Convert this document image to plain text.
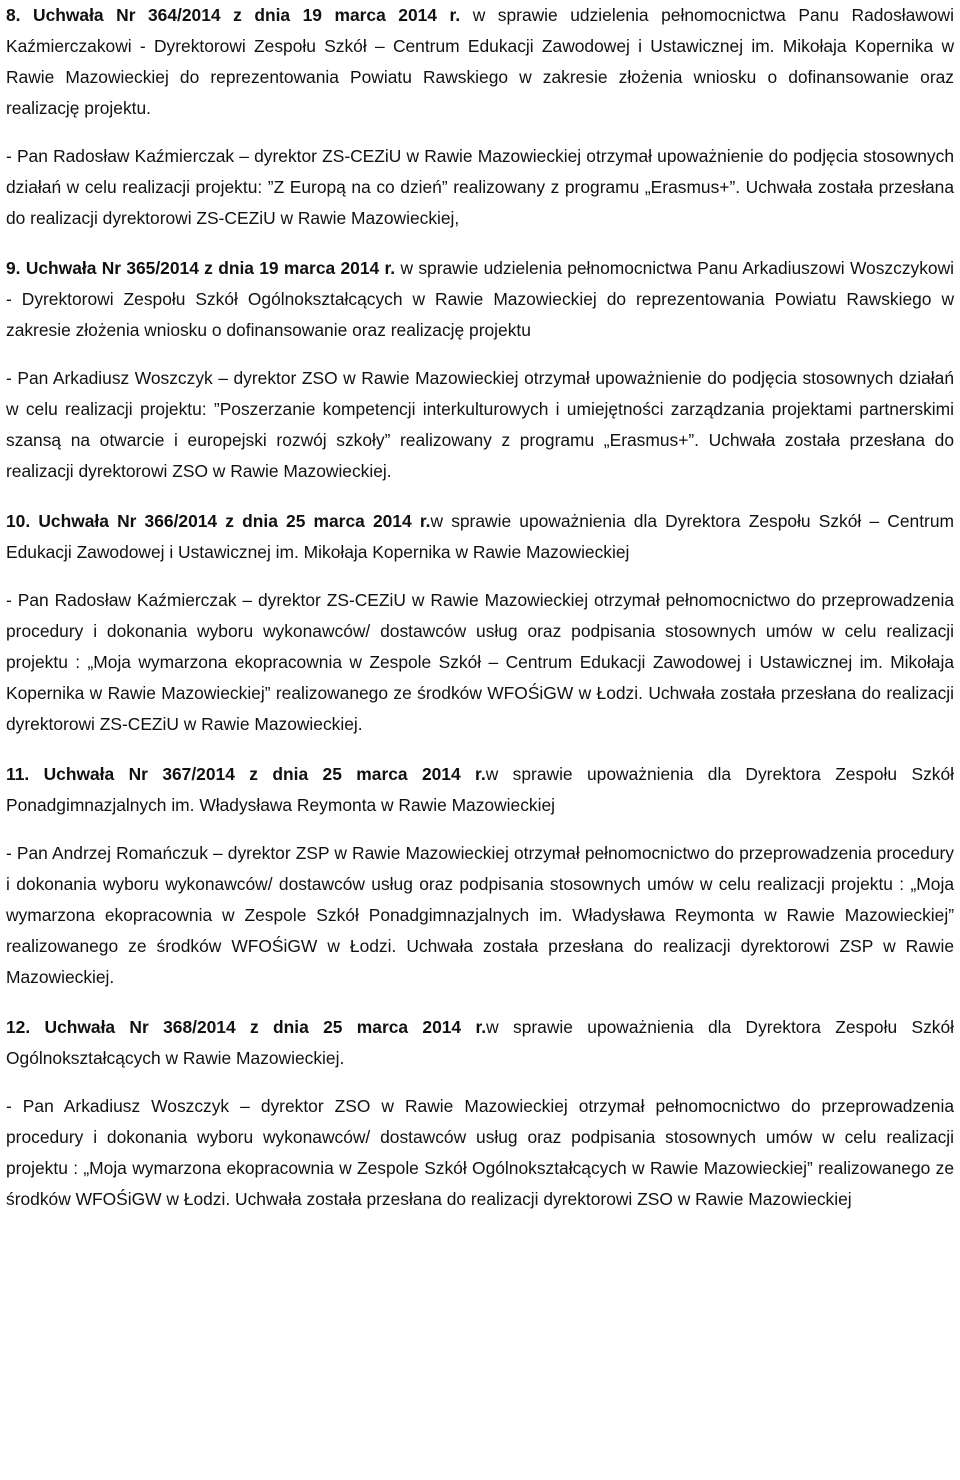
8. Uchwała Nr 364/2014 z dnia 19 marca 2014 r. w sprawie udzielenia pełnomocnictwa Panu Radosławowi Kaźmierczakowi - Dyrektorowi Zespołu Szkół – Centrum Edukacji Zawodowej i Ustawicznej im. Mikołaja Kopernika w Rawie Mazowieckiej do reprezentowania Powiatu Rawskiego w zakresie złożenia wniosku o dofinansowanie oraz realizację projektu.

- Pan Radosław Kaźmierczak – dyrektor ZS-CEZiU w Rawie Mazowieckiej otrzymał upoważnienie do podjęcia stosownych działań w celu realizacji projektu: ”Z Europą na co dzień” realizowany z programu „Erasmus+”. Uchwała została przesłana do realizacji dyrektorowi ZS-CEZiU w Rawie Mazowieckiej,

9. Uchwała Nr 365/2014 z dnia 19 marca 2014 r. w sprawie udzielenia pełnomocnictwa Panu Arkadiuszowi Woszczykowi - Dyrektorowi Zespołu Szkół Ogólnokształcących w Rawie Mazowieckiej do reprezentowania Powiatu Rawskiego w zakresie złożenia wniosku o dofinansowanie oraz realizację projektu

- Pan Arkadiusz Woszczyk – dyrektor ZSO w Rawie Mazowieckiej otrzymał upoważnienie do podjęcia stosownych działań w celu realizacji projektu: ”Poszerzanie kompetencji interkulturowych i umiejętności zarządzania projektami partnerskimi szansą na otwarcie i europejski rozwój szkoły” realizowany z programu „Erasmus+”. Uchwała została przesłana do realizacji dyrektorowi ZSO w Rawie Mazowieckiej.

10. Uchwała Nr 366/2014 z dnia 25 marca 2014 r.w sprawie upoważnienia dla Dyrektora Zespołu Szkół – Centrum Edukacji Zawodowej i Ustawicznej im. Mikołaja Kopernika w Rawie Mazowieckiej

- Pan Radosław Kaźmierczak – dyrektor ZS-CEZiU w Rawie Mazowieckiej otrzymał pełnomocnictwo do przeprowadzenia procedury i dokonania wyboru wykonawców/ dostawców usług oraz podpisania stosownych umów w celu realizacji projektu : „Moja wymarzona ekopracownia w Zespole Szkół – Centrum Edukacji Zawodowej i Ustawicznej im. Mikołaja Kopernika w Rawie Mazowieckiej” realizowanego ze środków WFOŚiGW w Łodzi. Uchwała została przesłana do realizacji dyrektorowi ZS-CEZiU w Rawie Mazowieckiej.

11. Uchwała Nr 367/2014 z dnia 25 marca 2014 r.w sprawie upoważnienia dla Dyrektora Zespołu Szkół Ponadgimnazjalnych im. Władysława Reymonta w Rawie Mazowieckiej

- Pan Andrzej Romańczuk – dyrektor ZSP w Rawie Mazowieckiej otrzymał pełnomocnictwo do przeprowadzenia procedury i dokonania wyboru wykonawców/ dostawców usług oraz podpisania stosownych umów w celu realizacji projektu : „Moja wymarzona ekopracownia w Zespole Szkół Ponadgimnazjalnych im. Władysława Reymonta w Rawie Mazowieckiej” realizowanego ze środków WFOŚiGW w Łodzi. Uchwała została przesłana do realizacji dyrektorowi ZSP w Rawie Mazowieckiej.

12. Uchwała Nr 368/2014 z dnia 25 marca 2014 r.w sprawie upoważnienia dla Dyrektora Zespołu Szkół Ogólnokształcących w Rawie Mazowieckiej.

- Pan Arkadiusz Woszczyk – dyrektor ZSO w Rawie Mazowieckiej otrzymał pełnomocnictwo do przeprowadzenia procedury i dokonania wyboru wykonawców/ dostawców usług oraz podpisania stosownych umów w celu realizacji projektu : „Moja wymarzona ekopracownia w Zespole Szkół Ogólnokształcących w Rawie Mazowieckiej” realizowanego ze środków WFOŚiGW w Łodzi. Uchwała została przesłana do realizacji dyrektorowi ZSO w Rawie Mazowieckiej
